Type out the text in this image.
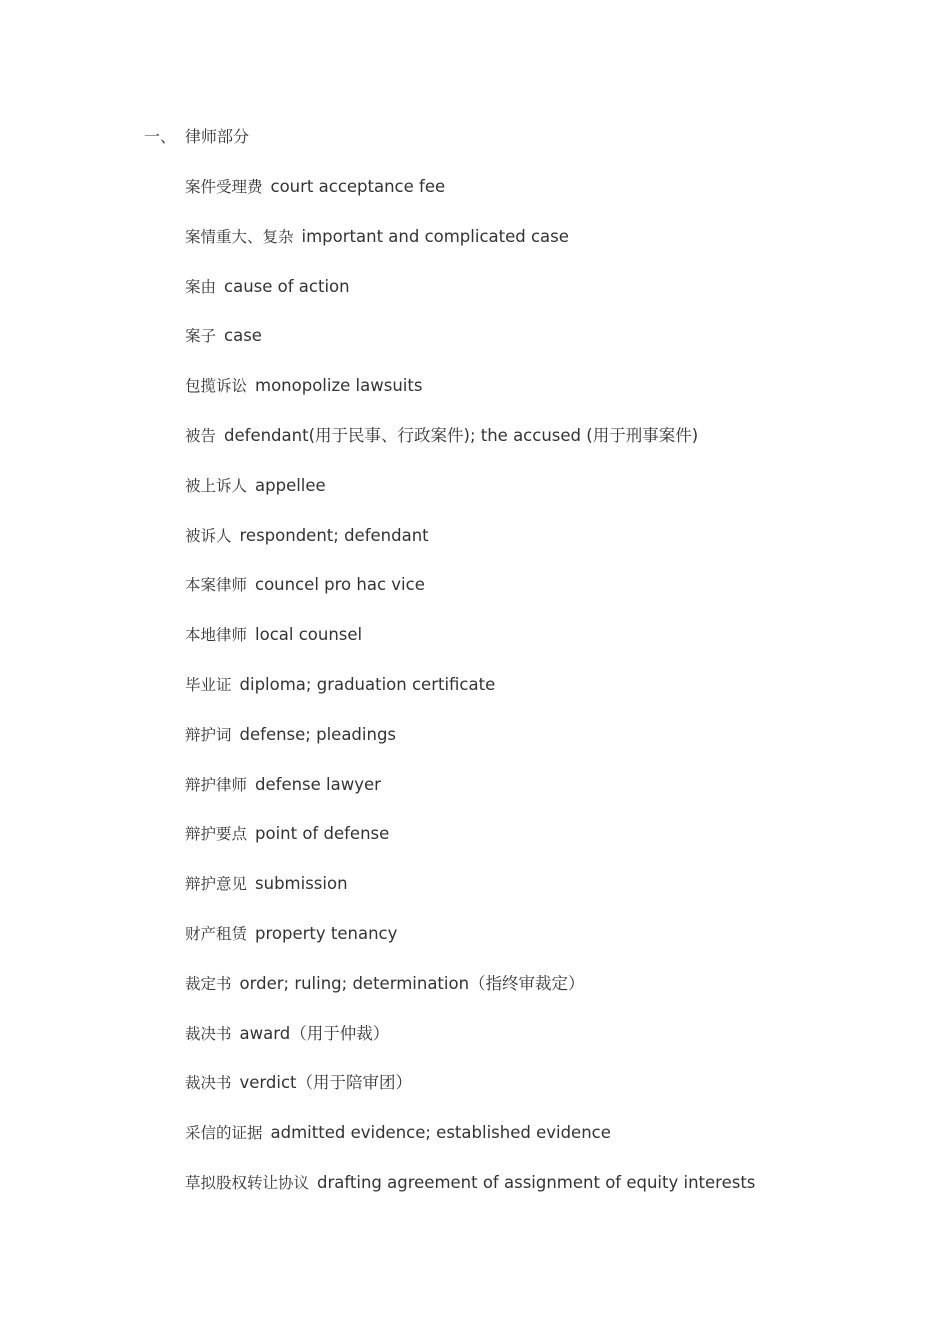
一、 律师部分
案件受理费 court acceptance fee
案情重大、复杂 important and complicated case
案由 cause of action
案子 case
包揽诉讼 monopolize lawsuits
被告 defendant(用于民事、行政案件); the accused (用于刑事案件)
被上诉人 appellee
被诉人 respondent; defendant
本案律师 councel pro hac vice
本地律师 local counsel
毕业证 diploma; graduation certificate
辩护词 defense; pleadings
辩护律师 defense lawyer
辩护要点 point of defense
辩护意见 submission
财产租赁 property tenancy
裁定书 order; ruling; determination（指终审裁定）
裁决书 award（用于仲裁）
裁决书 verdict（用于陪审团）
采信的证据 admitted evidence; established evidence
草拟股权转让协议 drafting agreement of assignment of equity interests
